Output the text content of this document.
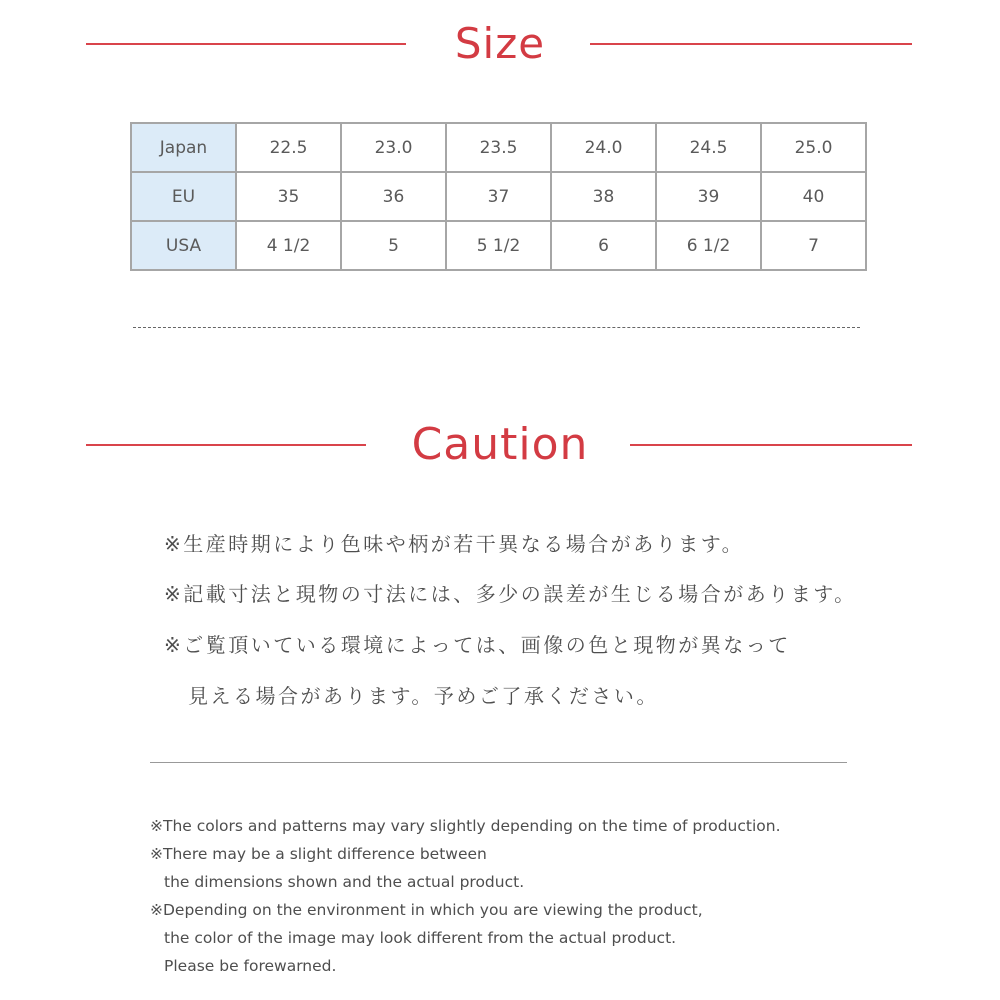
Size
Japan	22.5	23.0	23.5	24.0	24.5	25.0
EU	35	36	37	38	39	40
USA	4 1/2	5	5 1/2	6	6 1/2	7
Caution
※生産時期により色味や柄が若干異なる場合があります。
※記載寸法と現物の寸法には、多少の誤差が生じる場合があります。
※ご覧頂いている環境によっては、画像の色と現物が異なって
見える場合があります。予めご了承ください。
※The colors and patterns may vary slightly depending on the time of production.
※There may be a slight difference between
the dimensions shown and the actual product.
※Depending on the environment in which you are viewing the product,
the color of the image may look different from the actual product.
Please be forewarned.
